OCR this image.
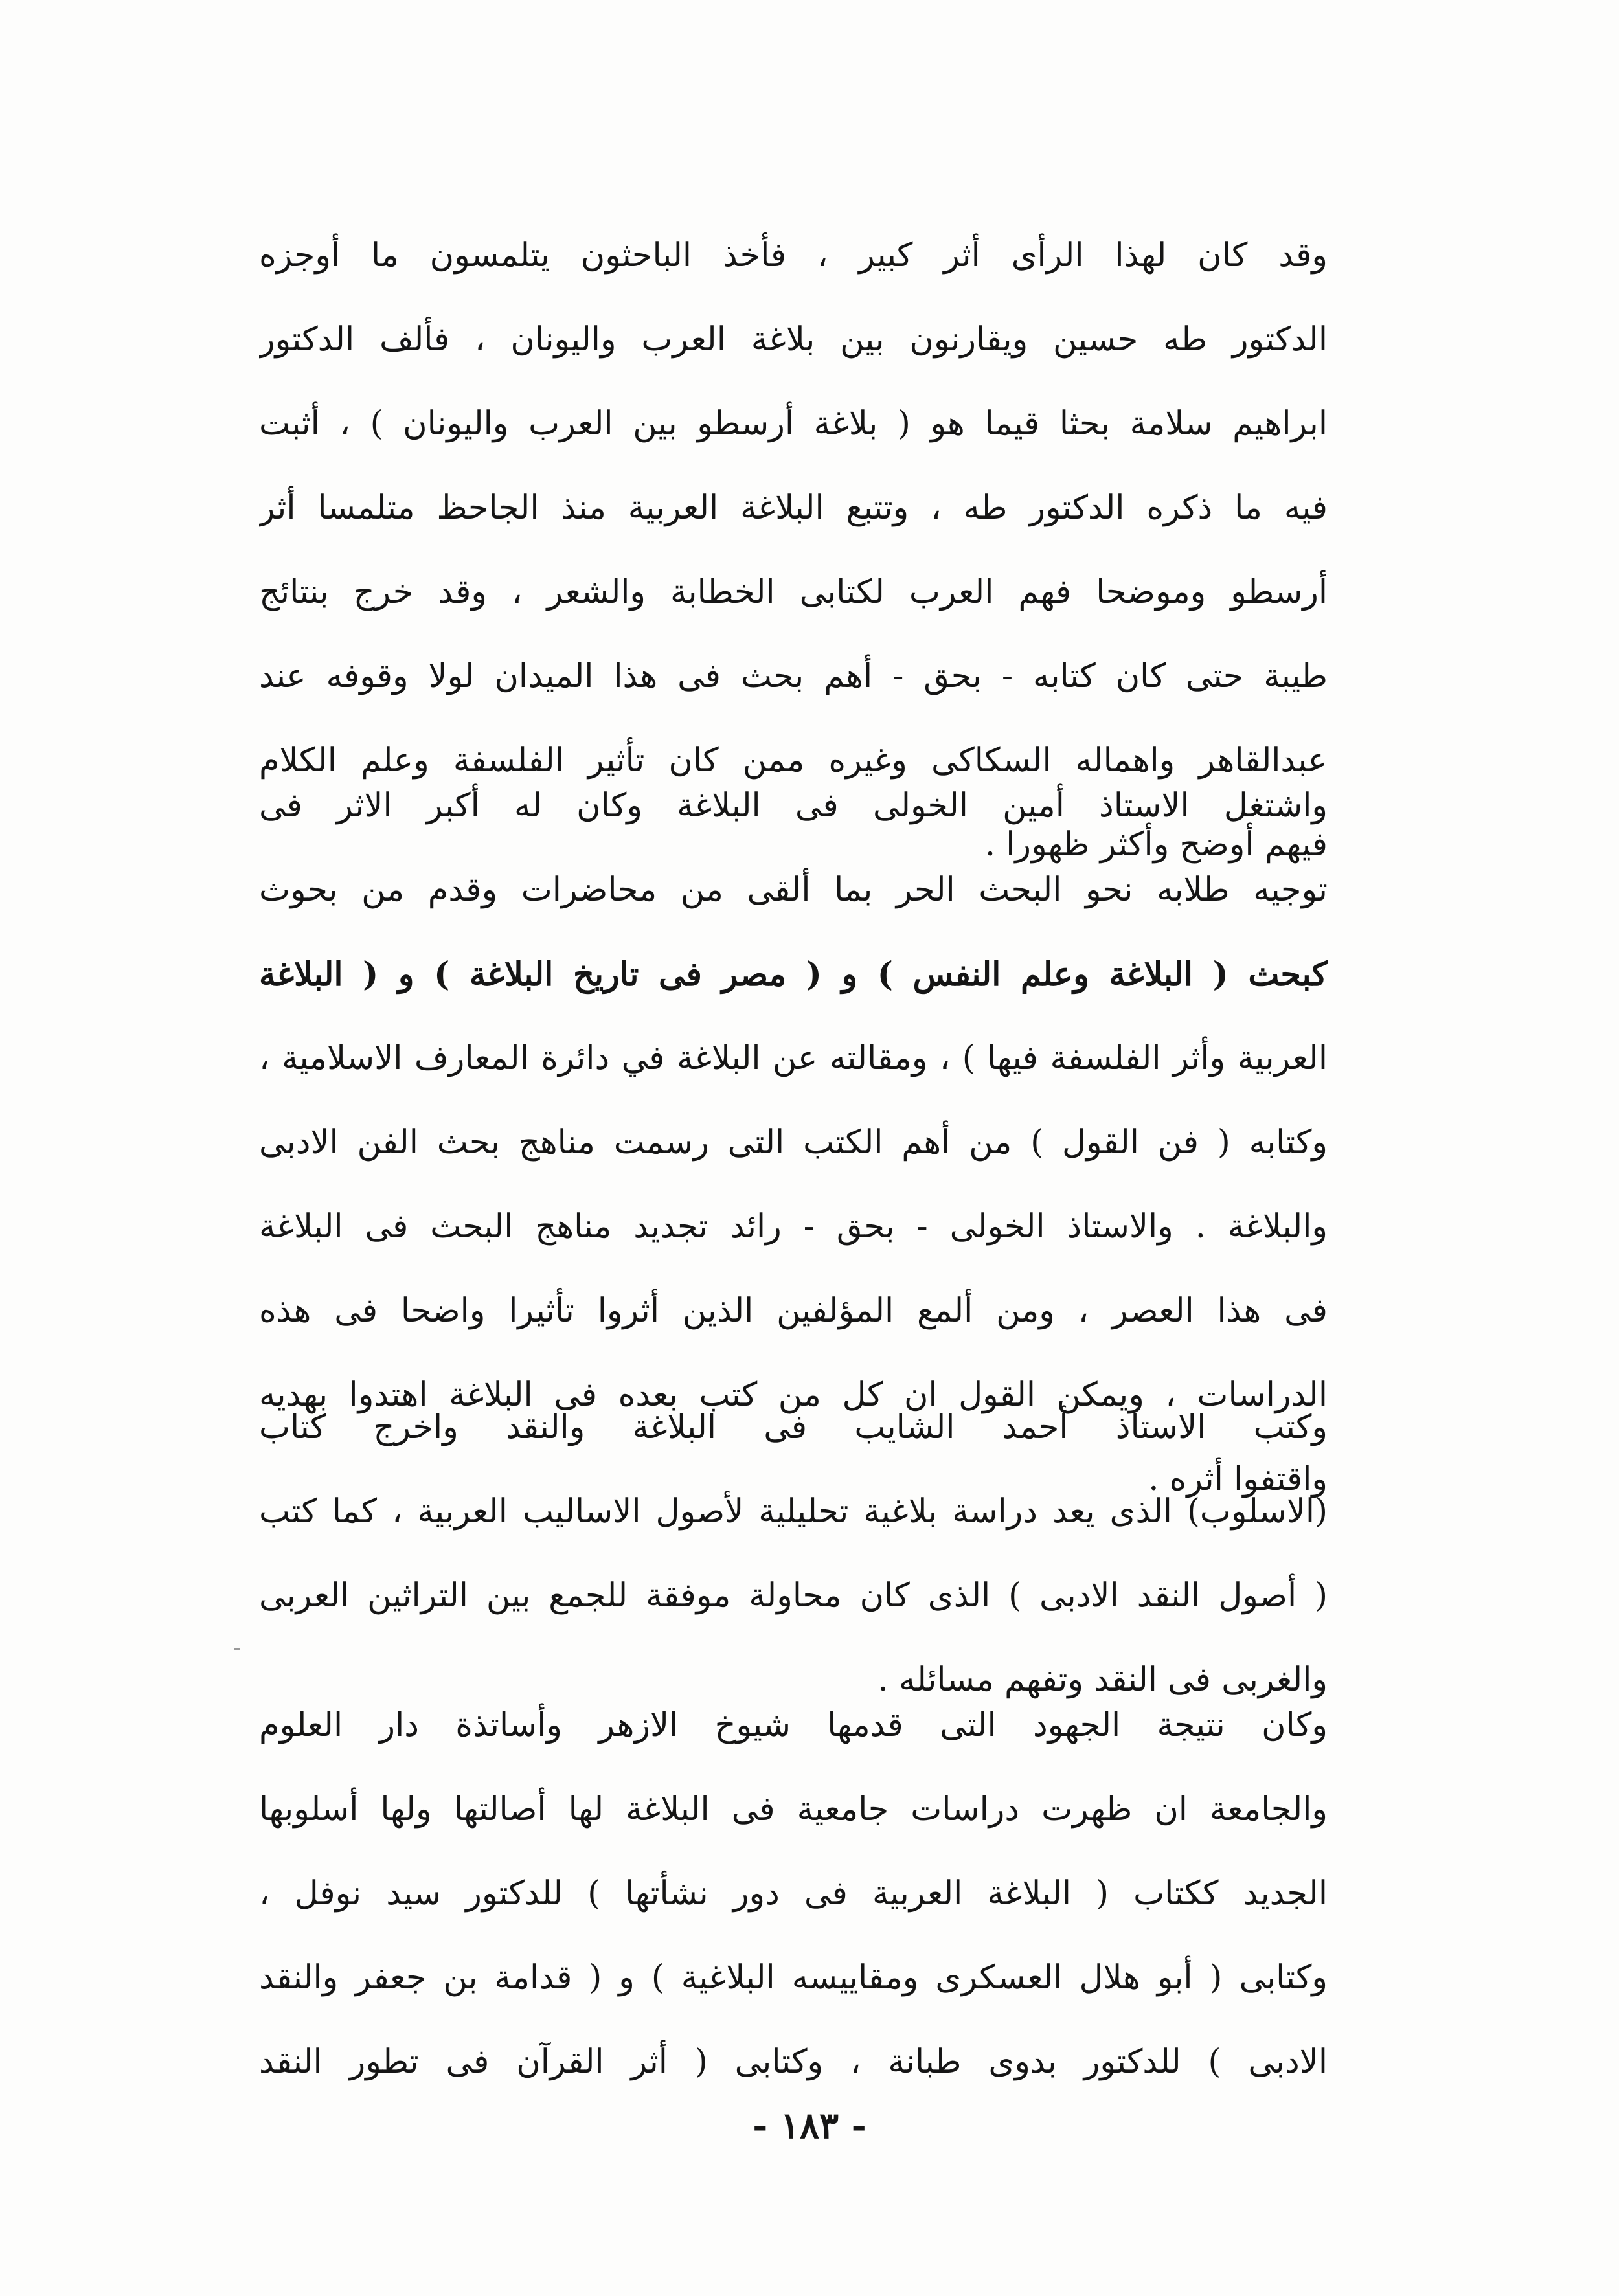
وقد كان لهذا الرأى أثر كبير ، فأخذ الباحثون يتلمسون ما أوجزه
الدكتور طه حسين ويقارنون بين بلاغة العرب واليونان ، فألف الدكتور
ابراهيم سلامة بحثا قيما هو ( بلاغة أرسطو بين العرب واليونان ) ، أثبت
فيه ما ذكره الدكتور طه ، وتتبع البلاغة العربية منذ الجاحظ متلمسا أثر
أرسطو وموضحا فهم العرب لكتابى الخطابة والشعر ، وقد خرج بنتائج
طيبة حتى كان كتابه - بحق - أهم بحث فى هذا الميدان لولا وقوفه عند
عبدالقاهر واهماله السكاكى وغيره ممن كان تأثير الفلسفة وعلم الكلام
فيهم أوضح وأكثر ظهورا .
واشتغل الاستاذ أمين الخولى فى البلاغة وكان له أكبر الاثر فى
توجيه طلابه نحو البحث الحر بما ألقى من محاضرات وقدم من بحوث
كبحث ( البلاغة وعلم النفس ) و ( مصر فى تاريخ البلاغة ) و ( البلاغة
العربية وأثر الفلسفة فيها ) ، ومقالته عن البلاغة في دائرة المعارف الاسلامية ،
وكتابه ( فن القول ) من أهم الكتب التى رسمت مناهج بحث الفن الادبى
والبلاغة . والاستاذ الخولى - بحق - رائد تجديد مناهج البحث فى البلاغة
فى هذا العصر ، ومن ألمع المؤلفين الذين أثروا تأثيرا واضحا فى هذه
الدراسات ، ويمكن القول ان كل من كتب بعده فى البلاغة اهتدوا بهديه
واقتفوا أثره .
وكتب الاستاذ أحمد الشايب فى البلاغة والنقد واخرج كتاب
(الاسلوب) الذى يعد دراسة بلاغية تحليلية لأصول الاساليب العربية ، كما كتب
( أصول النقد الادبى ) الذى كان محاولة موفقة للجمع بين التراثين العربى
والغربى فى النقد وتفهم مسائله .
وكان نتيجة الجهود التى قدمها شيوخ الازهر وأساتذة دار العلوم
والجامعة ان ظهرت دراسات جامعية فى البلاغة لها أصالتها ولها أسلوبها
الجديد ككتاب ( البلاغة العربية فى دور نشأتها ) للدكتور سيد نوفل ،
وكتابى ( أبو هلال العسكرى ومقاييسه البلاغية ) و ( قدامة بن جعفر والنقد
الادبى ) للدكتور بدوى طبانة ، وكتابى ( أثر القرآن فى تطور النقد
- ١٨٣ -
